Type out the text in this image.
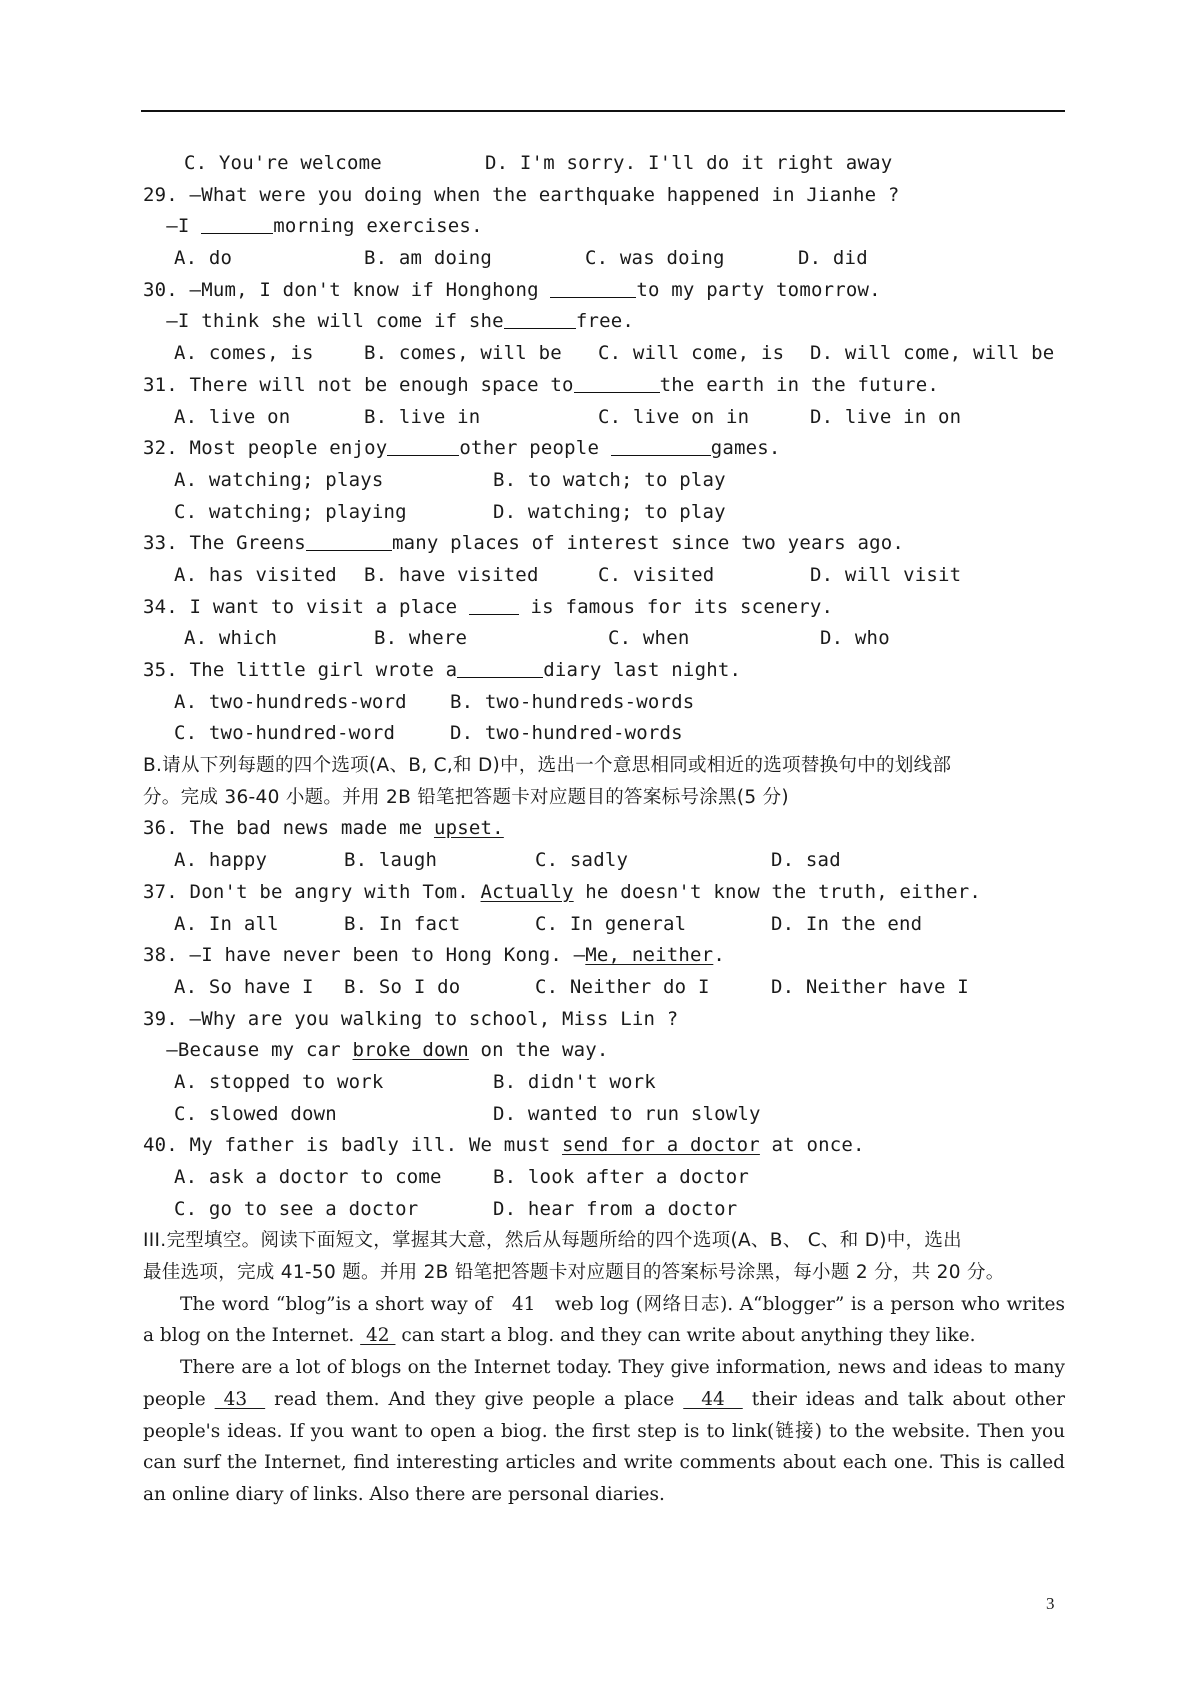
C. You're welcome	D. I'm sorry. I'll do it right away
29. —What were you doing when the earthquake happened in Jianhe ?
—I	morning exercises.
A. do	B. am doing	C. was doing	D. did
30. —Mum, I don't know if Honghong	to my party tomorrow.
—I think she will come if she	free.
A. comes, is	B. comes, will be	C. will come, is	D. will come, will be
31. There will not be enough space to	the earth in the future.
A. live on	B. live in	C. live on in	D. live in on
32. Most people enjoy	other people	games.
A. watching; plays	B. to watch; to play
C. watching; playing	D. watching; to play
33. The Greens	many places of interest since two years ago.
A. has visited	B. have visited	C. visited	D. will visit
34. I want to visit a place	is famous for its scenery.
A. which	B. where	C. when	D. who
35. The little girl wrote a	diary last night.
A. two-hundreds-word	B. two-hundreds-words
C. two-hundred-word	D. two-hundred-words
B.请从下列每题的四个选项(A、B, C,和 D)中，选出一个意思相同或相近的选项替换句中的划线部
分。完成 36-40 小题。并用 2B 铅笔把答题卡对应题目的答案标号涂黑(5 分)
36. The bad news made me upset.
A. happy	B. laugh	C. sadly	D. sad
37. Don't be angry with Tom. Actually he doesn't know the truth, either.
A. In all	B. In fact	C. In general	D. In the end
38. —I have never been to Hong Kong. —Me, neither.
A. So have I	B. So I do	C. Neither do I	D. Neither have I
39. —Why are you walking to school, Miss Lin ?
—Because my car broke down on the way.
A. stopped to work	B. didn't work
C. slowed down	D. wanted to run slowly
40. My father is badly ill. We must send for a doctor at once.
A. ask a doctor to come	B. look after a doctor
C. go to see a doctor	D. hear from a doctor
III.完型填空。阅读下面短文，掌握其大意，然后从每题所给的四个选项(A、B、 C、和 D)中，选出
最佳选项，完成 41-50 题。并用 2B 铅笔把答题卡对应题目的答案标号涂黑，每小题 2 分，共 20 分。

The word “blog”is a short way of   41   web log (网络日志). A“blogger” is a person who writes a blog on the Internet.  42  can start a blog. and they can write about anything they like.

There are a lot of blogs on the Internet today. They give information, news and ideas to many people  43   read them. And they give people a place   44   their ideas and talk about other people's ideas. If you want to open a biog. the first step is to link(链接) to the website. Then you can surf the Internet, find interesting articles and write comments about each one. This is called an online diary of links. Also there are personal diaries.

3
